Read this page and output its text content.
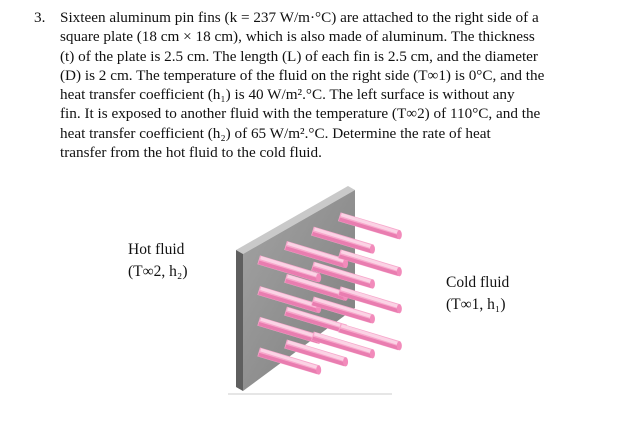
3. Sixteen aluminum pin fins (k = 237 W/m·°C) are attached to the right side of a
square plate (18 cm × 18 cm), which is also made of aluminum. The thickness
(t) of the plate is 2.5 cm. The length (L) of each fin is 2.5 cm, and the diameter
(D) is 2 cm. The temperature of the fluid on the right side (T∞1) is 0°C, and the
heat transfer coefficient (h₁) is 40 W/m².°C. The left surface is without any
fin. It is exposed to another fluid with the temperature (T∞2) of 110°C, and the
heat transfer coefficient (h₂) of 65 W/m².°C. Determine the rate of heat
transfer from the hot fluid to the cold fluid.
Hot fluid
(T∞2, h₂)
Cold fluid
(T∞1, h₁)
